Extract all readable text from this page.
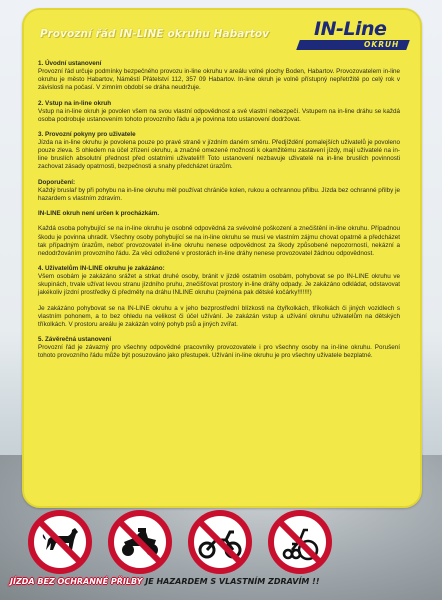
Provozní řád IN-LINE okruhu Habartov IN-Line
OKRUH
1. Úvodní ustanovení
Provozní řád určuje podmínky bezpečného provozu in-line okruhu v areálu volné plochy Boden, Habartov. Provozovatelem in-line okruhu je město Habartov, Náměstí Přátelství 112, 357 09 Habartov. In-line okruh je volně přístupný nepřetržitě po celý rok v závislosti na počasí. V zimním období se dráha neudržuje.
2. Vstup na in-line okruh
Vstup na in-line okruh je povolen všem na svou vlastní odpovědnost a své vlastní nebezpečí. Vstupem na in-line dráhu se každá osoba podrobuje ustanovením tohoto provozního řádu a je povinna toto ustanovení dodržovat.
3. Provozní pokyny pro uživatele
Jízda na in-line okruhu je povolena pouze po pravé straně v jízdním daném směru. Předjíždění pomalejších uživatelů je povoleno pouze zleva. S ohledem na účel zřízení okruhu, a značné omezené možnosti k okamžitému zastavení jízdy, mají uživatelé na in-line bruslích absolutní přednost před ostatními uživateli!!! Toto ustanovení nezbavuje uživatelé na in-line bruslích povinnosti zachovat zásady opatrnosti, bezpečnosti a snahy předcházet úrazům.
Doporučení:
Každý bruslař by při pohybu na in-line okruhu měl používat chrániče kolen, rukou a ochrannou přilbu. Jízda bez ochranné přilby je hazardem s vlastním zdravím.
IN-LINE okruh není určen k procházkám.
Každá osoba pohybující se na in-line okruhu je osobně odpovědná za svévolné poškození a znečištění in-line okruhu. Případnou škodu je povinna uhradit. Všechny osoby pohybující se na in-line okruhu se musí ve vlastním zájmu chovat opatrně a předcházet tak případným úrazům, neboť provozovatel in-line okruhu nenese odpovědnost za škody způsobené nepozorností, nekázní a nedodržováním provozního řádu. Za věci odložené v prostorách in-line dráhy nenese provozovatel žádnou odpovědnost.
4. Uživatelům IN-LINE okruhu je zakázáno:
Všem osobám je zakázáno srážet a strkat druhé osoby, bránit v jízdě ostatním osobám, pohybovat se po IN-LINE okruhu ve skupinách, trvale užívat levou stranu jízdního pruhu, znečišťovat prostory in-line dráhy odpady. Je zakázáno odkládat, odstavovat jakékoliv jízdní prostředky či předměty na dráhu INLINE okruhu (zejména pak dětské kočárky!!!!!!!)
Je zakázáno pohybovat se na IN-LINE okruhu a v jeho bezprostřední blízkosti na čtyřkolkách, tříkolkách či jiných vozidlech s vlastním pohonem, a to bez ohledu na velikost či účel užívání. Je zakázán vstup a užívání okruhu uživatelům na dětských tříkolkách. V prostoru areálu je zakázán volný pohyb psů a jiných zvířat.
5. Závěrečná ustanovení
Provozní řád je závazný pro všechny odpovědné pracovníky provozovatele i pro všechny osoby na in-line okruhu. Porušení tohoto provozního řádu může být posuzováno jako přestupek. Užívání in-line okruhu je pro všechny uživatele bezplatné.
JÍZDA BEZ OCHRANNÉ PŘILBY JE HAZARDEM S VLASTNÍM ZDRAVÍM !!
